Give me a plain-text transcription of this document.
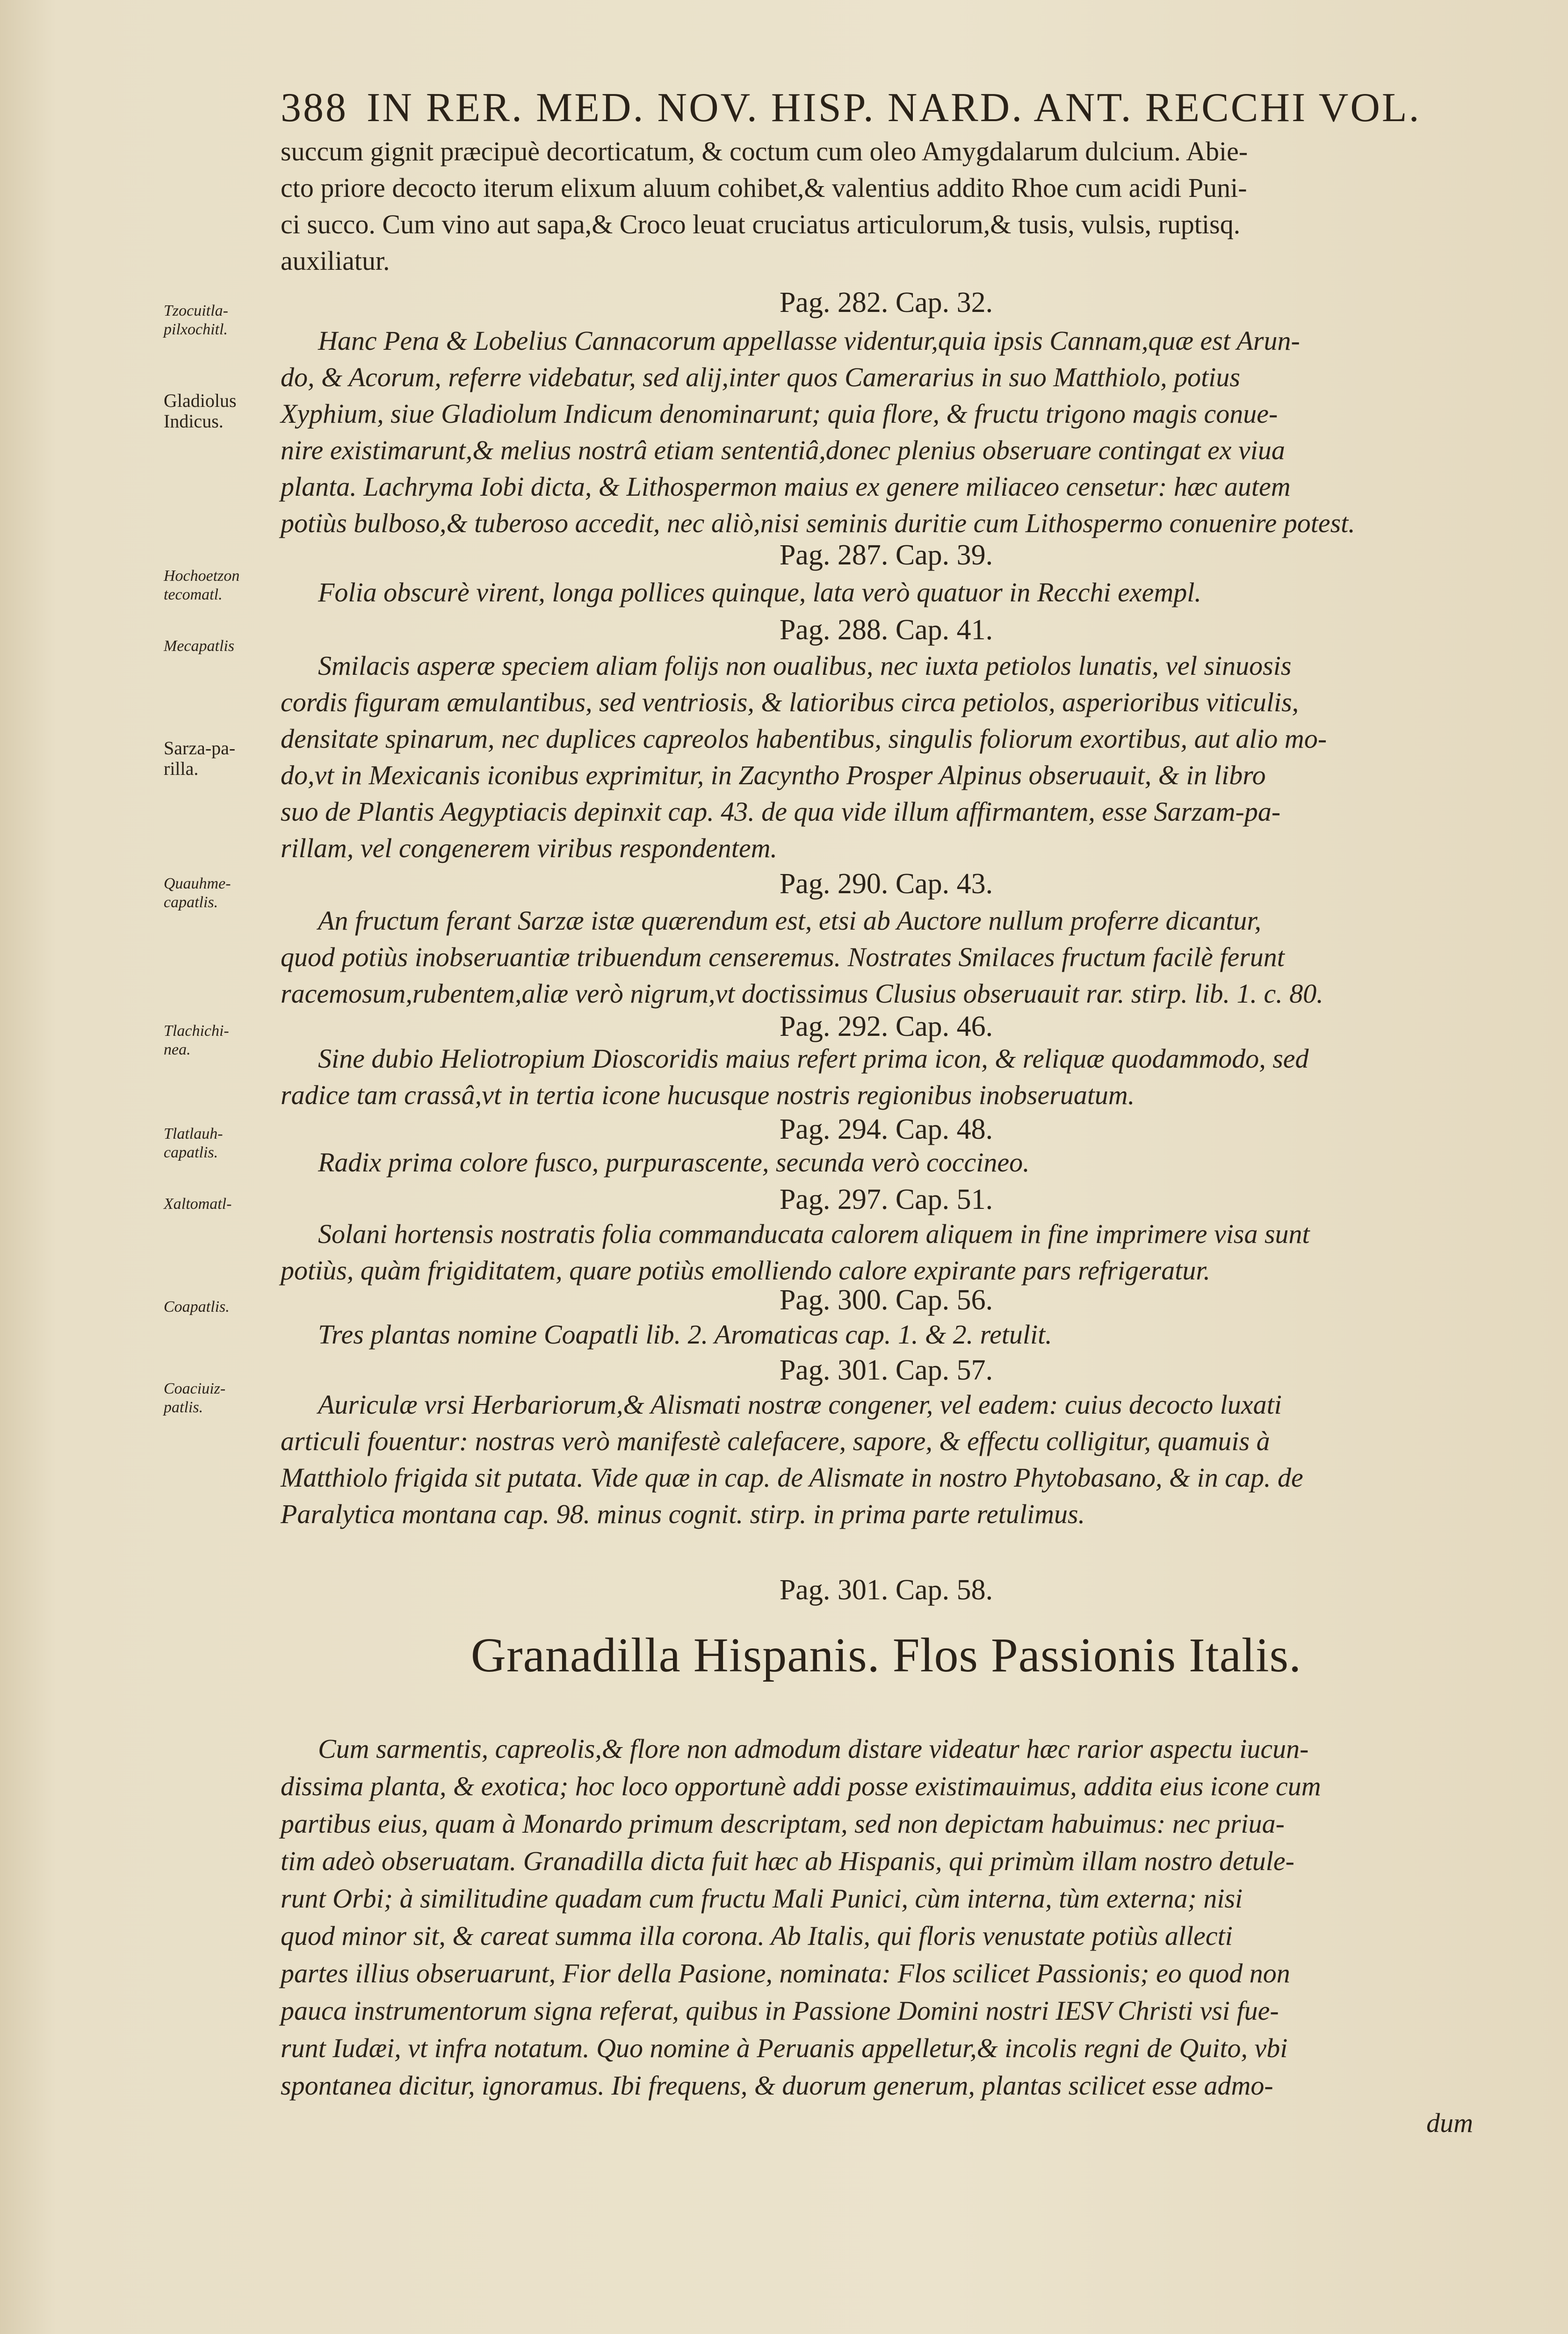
388 IN RER. MED. NOV. HISP. NARD. ANT. RECCHI VOL.
succum gignit præcipuè decorticatum, & coctum cum oleo Amygdalarum dulcium. Abie-
cto priore decocto iterum elixum aluum cohibet,& valentius addito Rhoe cum acidi Puni-
ci succo. Cum vino aut sapa,& Croco leuat cruciatus articulorum,& tusis, vulsis, ruptisq.
auxiliatur.
Pag. 282. Cap. 32.
Hanc Pena & Lobelius Cannacorum appellasse videntur,quia ipsis Cannam,quæ est Arun-
do, & Acorum, referre videbatur, sed alij,inter quos Camerarius in suo Matthiolo, potius
Xyphium, siue Gladiolum Indicum denominarunt; quia flore, & fructu trigono magis conue-
nire existimarunt,& melius nostrâ etiam sententiâ,donec plenius obseruare contingat ex viua
planta. Lachryma Iobi dicta, & Lithospermon maius ex genere miliaceo censetur: hæc autem
potiùs bulboso,& tuberoso accedit, nec aliò,nisi seminis duritie cum Lithospermo conuenire potest.
Pag. 287. Cap. 39.
Folia obscurè virent, longa pollices quinque, lata verò quatuor in Recchi exempl.
Pag. 288. Cap. 41.
Smilacis asperæ speciem aliam folijs non oualibus, nec iuxta petiolos lunatis, vel sinuosis
cordis figuram æmulantibus, sed ventriosis, & latioribus circa petiolos, asperioribus viticulis,
densitate spinarum, nec duplices capreolos habentibus, singulis foliorum exortibus, aut alio mo-
do,vt in Mexicanis iconibus exprimitur, in Zacyntho Prosper Alpinus obseruauit, & in libro
suo de Plantis Aegyptiacis depinxit cap. 43. de qua vide illum affirmantem, esse Sarzam-pa-
rillam, vel congenerem viribus respondentem.
Pag. 290. Cap. 43.
An fructum ferant Sarzæ istæ quærendum est, etsi ab Auctore nullum proferre dicantur,
quod potiùs inobseruantiæ tribuendum censeremus. Nostrates Smilaces fructum facilè ferunt
racemosum,rubentem,aliæ verò nigrum,vt doctissimus Clusius obseruauit rar. stirp. lib. 1. c. 80.
Pag. 292. Cap. 46.
Sine dubio Heliotropium Dioscoridis maius refert prima icon, & reliquæ quodammodo, sed
radice tam crassâ,vt in tertia icone hucusque nostris regionibus inobseruatum.
Pag. 294. Cap. 48.
Radix prima colore fusco, purpurascente, secunda verò coccineo.
Pag. 297. Cap. 51.
Solani hortensis nostratis folia commanducata calorem aliquem in fine imprimere visa sunt
potiùs, quàm frigiditatem, quare potiùs emolliendo calore expirante pars refrigeratur.
Pag. 300. Cap. 56.
Tres plantas nomine Coapatli lib. 2. Aromaticas cap. 1. & 2. retulit.
Pag. 301. Cap. 57.
Auriculæ vrsi Herbariorum,& Alismati nostræ congener, vel eadem: cuius decocto luxati
articuli fouentur: nostras verò manifestè calefacere, sapore, & effectu colligitur, quamuis à
Matthiolo frigida sit putata. Vide quæ in cap. de Alismate in nostro Phytobasano, & in cap. de
Paralytica montana cap. 98. minus cognit. stirp. in prima parte retulimus.
Pag. 301. Cap. 58.
Granadilla Hispanis. Flos Passionis Italis.
Cum sarmentis, capreolis,& flore non admodum distare videatur hæc rarior aspectu iucun-
dissima planta, & exotica; hoc loco opportunè addi posse existimauimus, addita eius icone cum
partibus eius, quam à Monardo primum descriptam, sed non depictam habuimus: nec priua-
tim adeò obseruatam. Granadilla dicta fuit hæc ab Hispanis, qui primùm illam nostro detule-
runt Orbi; à similitudine quadam cum fructu Mali Punici, cùm interna, tùm externa; nisi
quod minor sit, & careat summa illa corona. Ab Italis, qui floris venustate potiùs allecti
partes illius obseruarunt, Fior della Pasione, nominata: Flos scilicet Passionis; eo quod non
pauca instrumentorum signa referat, quibus in Passione Domini nostri IESV Christi vsi fue-
runt Iudæi, vt infra notatum. Quo nomine à Peruanis appelletur,& incolis regni de Quito, vbi
spontanea dicitur, ignoramus. Ibi frequens, & duorum generum, plantas scilicet esse admo-
dum
Tzocuitla-
pilxochitl.
Gladiolus
Indicus.
Hochoetzon
tecomatl.
Mecapatlis
Sarza-pa-
rilla.
Quauhme-
capatlis.
Tlachichi-
nea.
Tlatlauh-
capatlis.
Xaltomatl-
Coapatlis.
Coaciuiz-
patlis.
